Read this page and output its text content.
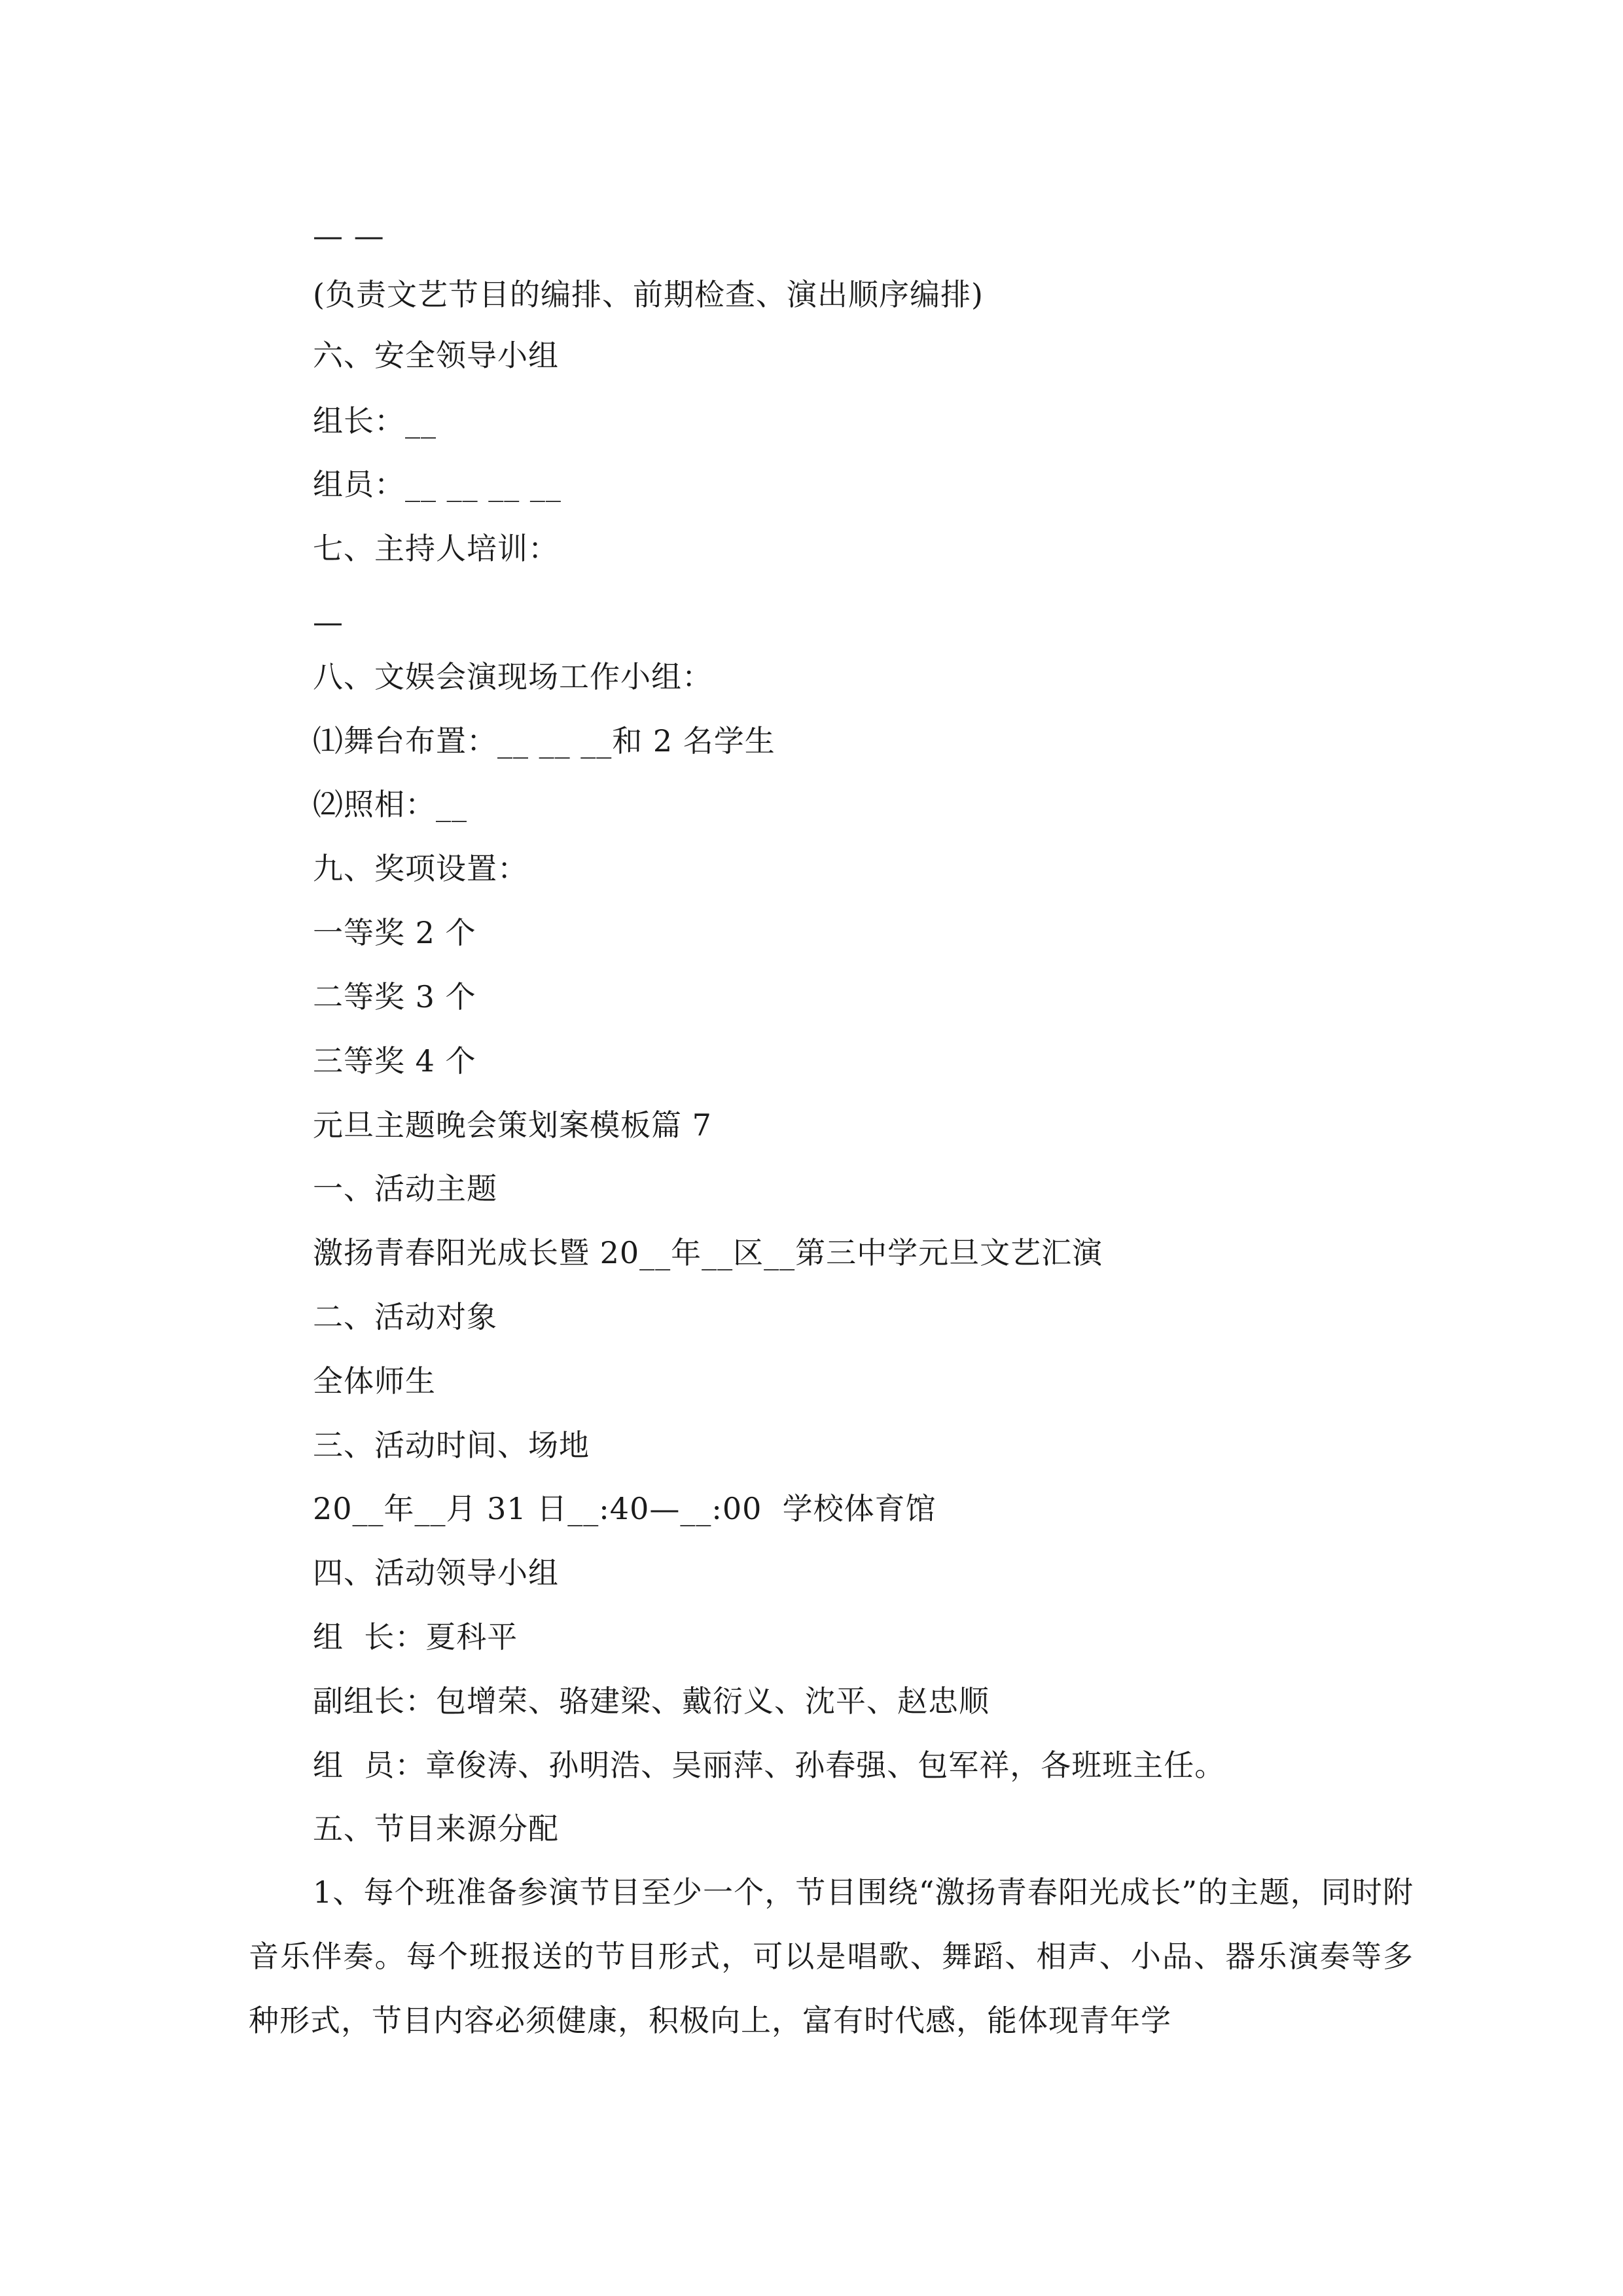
— —
(负责文艺节目的编排、前期检查、演出顺序编排)
六、安全领导小组
组长：__
组员：__ __ __ __
七、主持人培训：
—
八、文娱会演现场工作小组：
⑴舞台布置：__ __ __和 2 名学生
⑵照相：__
九、奖项设置：
一等奖 2 个
二等奖 3 个
三等奖 4 个
元旦主题晚会策划案模板篇 7
一、活动主题
激扬青春阳光成长暨 20__年__区__第三中学元旦文艺汇演
二、活动对象
全体师生
三、活动时间、场地
20__年__月 31 日__:40—__:00  学校体育馆
四、活动领导小组
组  长：夏科平
副组长：包增荣、骆建梁、戴衍义、沈平、赵忠顺
组  员：章俊涛、孙明浩、吴丽萍、孙春强、包军祥，各班班主任。
五、节目来源分配
1、每个班准备参演节目至少一个，节目围绕“激扬青春阳光成长”的主题，同时附音乐伴奏。每个班报送的节目形式，可以是唱歌、舞蹈、相声、小品、器乐演奏等多种形式，节目内容必须健康，积极向上，富有时代感，能体现青年学
